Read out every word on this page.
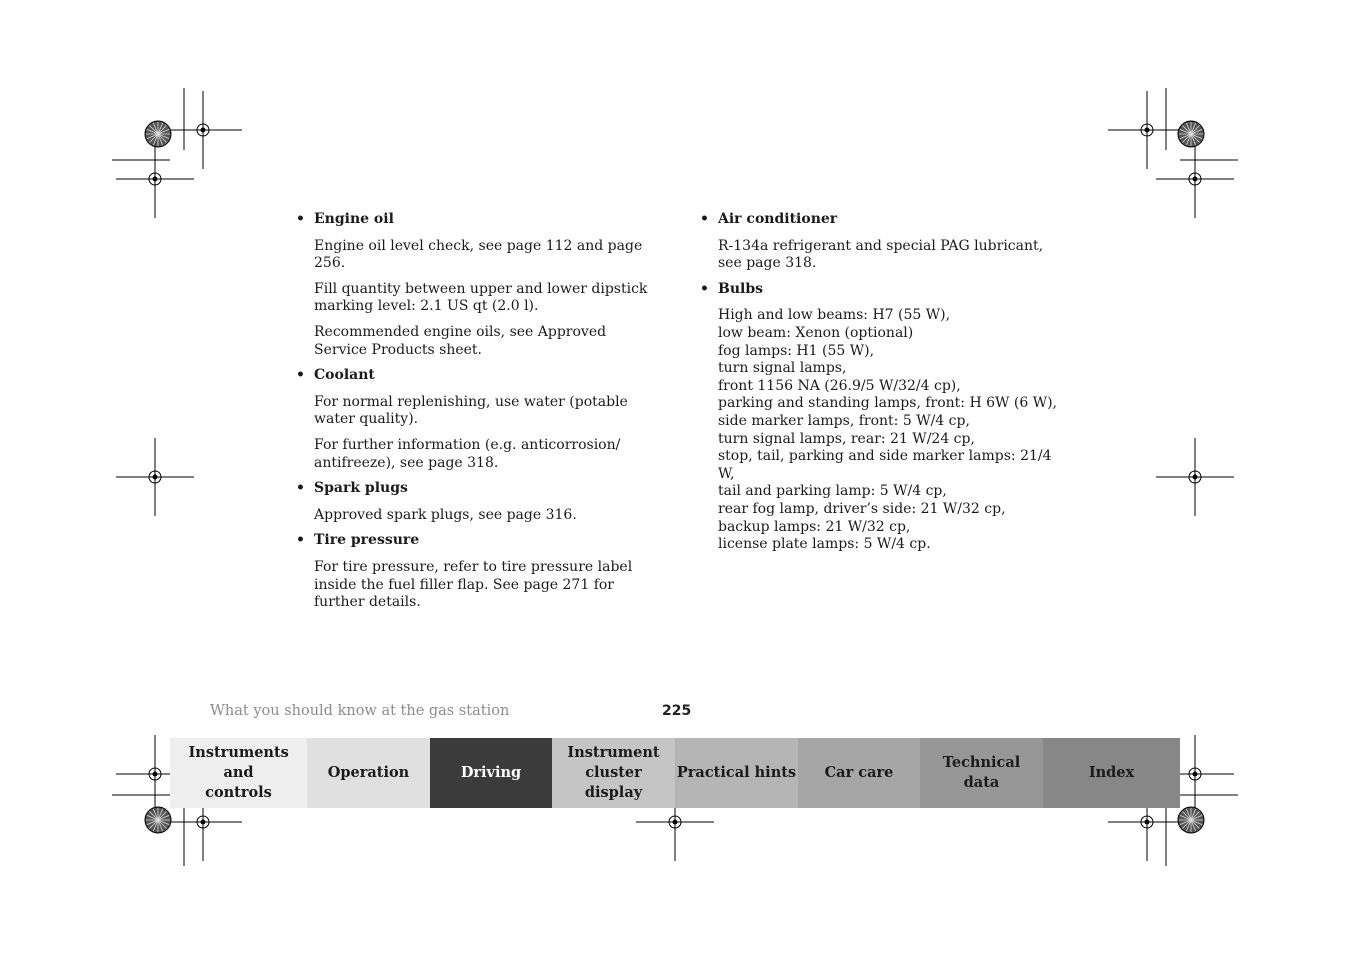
• Engine oil

Engine oil level check, see page 112 and page 256.

Fill quantity between upper and lower dipstick marking level: 2.1 US qt (2.0 l).

Recommended engine oils, see Approved Service Products sheet.

• Coolant

For normal replenishing, use water (potable water quality).

For further information (e.g. anticorrosion/ antifreeze), see page 318.

• Spark plugs

Approved spark plugs, see page 316.

• Tire pressure

For tire pressure, refer to tire pressure label inside the fuel filler flap. See page 271 for further details.

• Air conditioner

R-134a refrigerant and special PAG lubricant, see page 318.

• Bulbs

High and low beams: H7 (55 W),
low beam: Xenon (optional)
fog lamps: H1 (55 W),
turn signal lamps,
front 1156 NA (26.9/5 W/32/4 cp),
parking and standing lamps, front: H 6W (6 W),
side marker lamps, front: 5 W/4 cp,
turn signal lamps, rear: 21 W/24 cp,
stop, tail, parking and side marker lamps: 21/4 W,
tail and parking lamp: 5 W/4 cp,
rear fog lamp, driver’s side: 21 W/32 cp,
backup lamps: 21 W/32 cp,
license plate lamps: 5 W/4 cp.

What you should know at the gas station	225
Instruments and controls
Operation	Driving
Instrument cluster display
Practical hints Car care
Technical data
Index
